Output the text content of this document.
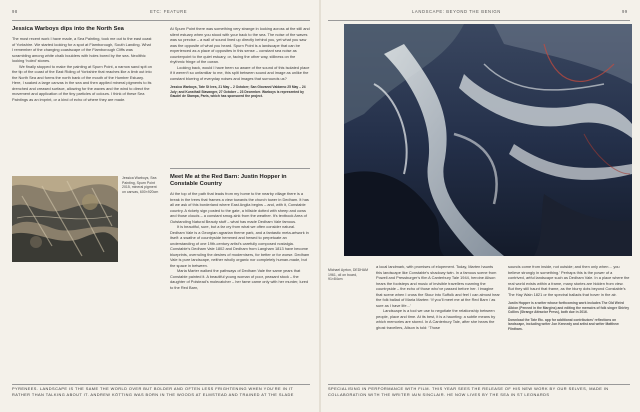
98	ETC: FEATURE
Jessica Warboys dips into the North Sea

The most recent work I have made, a Sea Painting, took me out to the east coast of Yorkshire. We started looking for a spot at Flamborough, South Landing. What I remember of the changing coastscape of the Flamborough Cliffs was scrambling among white chalk boulders with holes bored by the sea. Neolithic looking ‘holed’ stones.

We finally stopped to make the painting at Spurn Point, a narrow sand spit on the tip of the coast of the East Riding of Yorkshire that reaches like a limb out into the North Sea and forms the north bank of the mouth of the Humber Estuary. Here, I soaked a large canvas in the sea and then applied mineral pigments to its drenched and creased surface, allowing for the waves and the wind to direct the movement and application of the tiny particles of colours. I think of these Sea Paintings as an imprint, or a kind of echo of where they are made.

At Spurn Point there was something very strange in looking across at the still and silent estuary when you stood with your back to the sea. The noise of the waves was so precise – a wall of sound lined up directly behind you, yet what you saw was the opposite of what you heard. Spurn Point is a landscape that can be experienced as a place of opposites in this sense – constant sea noise as counterpoint to the quiet estuary, or, facing the other way, stillness on the rhythmic fringe of the ocean.

Looking back, would I have been so aware of the sound of this isolated place if it weren’t so unfamiliar to me, this split between sound and image as unlike the constant blurring of everyday noises and images that surrounds us?

Jessica Warboys, Tate St Ives, 21 May – 2 October; San Giovanni Valdarno 25 May – 24 July; and Kunsthall Stavanger, 27 October – 23 December. Warboys is represented by Gaudel de Stampa, Paris, which has sponsored the project.
Jessica Warboys, Sea Painting, Spurn Point 2015, mineral pigment on canvas, 600×920cm
Meet Me at the Red Barn: Justin Hopper in Constable Country

At the top of the path that leads from my home to the nearby village there is a break in the trees that frames a view towards the church tower in Dedham. It has all we ask of this borderland where East Anglia begins – and, with it, Constable country. A rickety sign posted to the gate, a hillside dotted with sheep and cows and those clouds – a constant smog-sink from the weather. It’s textbook Area of Outstanding Natural Beauty stuff – what has made Dedham Vale famous.

It is beautiful, sure, but a far cry from what we often consider natural. Dedham Vale is a Georgian agrarian theme park, and a fantastic meta-artwork in itself: a swathe of countryside hemmed and hewed to perpetuate an understanding of one 19th-century artist’s carefully composed nostalgia. Constable’s Dedham Vale 1802 and Dedham from Langham 1813 have become blueprints, overruling the desires of modernisers, for better or for worse. Dedham Vale is pure landscape, neither wholly organic nor completely human-made, but the space in between.

Maria Marter walked the pathways of Dedham Vale the same years that Constable painted it. A beautiful young woman of poor, peasant stock – the daughter of Polstead’s molecatcher – her fame came only with her murder, lured to the Red Barn,

PYRENEES. LANDSCAPE IS THE SAME THE WORLD OVER BUT BOLDER AND OFTEN LESS FRIGHTENING WHEN YOU’RE IN IT RATHER THAN TALKING ABOUT IT. ANDREW KÖTTING WAS BORN IN THE WOODS AT ELMSTEAD AND TRAINED AT THE SLADE
LANDSCAPE: BEYOND THE BENIGN	99
Michael Ayrton, DEDHAM 1961, oil on board, 91×84cm

a local landmark, with promises of elopement. Today, Marten haunts this landscape like Constable’s shadowy twin. In a famous scene from Powell and Pressburger’s film A Canterbury Tale 1944, heroine Alison hears the footsteps and music of invisible travellers roaming the countryside – the echo of those who’ve passed before her. I imagine that scene when I cross the Stour into Suffolk and feel I can almost hear the folk ballad of Maria Marten: ‘If you’ll meet me at the Red Barn / as sure as I have life…’

Landscape is a tool we use to negotiate the relationship between people, place and time. At its best, it is a haunting: a subtle means by which memories are stored. In A Canterbury Tale, after she hears the ghost travellers, Alison is told: ‘Those

sounds come from inside, not outside; and then only when… you believe strongly in something.’ Perhaps this is the power of a contrived, artful landscape such as Dedham Vale. In a place where the real world exists within a frame, many stories are hidden from view. But they still haunt that frame, as the blurry dots beyond Constable’s The Hay Wain 1821 or the spectral ballads that hover in the air.

Justin Hopper is a writer whose forthcoming work includes The Old Weird Albion (Penned in the Margins) and editing the memoirs of folk singer Shirley Collins (Strange Attractor Press), both due in 2016.
Download the Tate Etc. app for additional contributors’ reflections on landscape, including writer Jon Kennedy and artist and writer Matthew Flintham.
SPECIALISING IN PERFORMANCE WITH FILM. THIS YEAR SEES THE RELEASE OF HIS NEW WORK BY OUR SELVES, MADE IN COLLABORATION WITH THE WRITER IAIN SINCLAIR. HE NOW LIVES BY THE SEA IN ST LEONARDS
